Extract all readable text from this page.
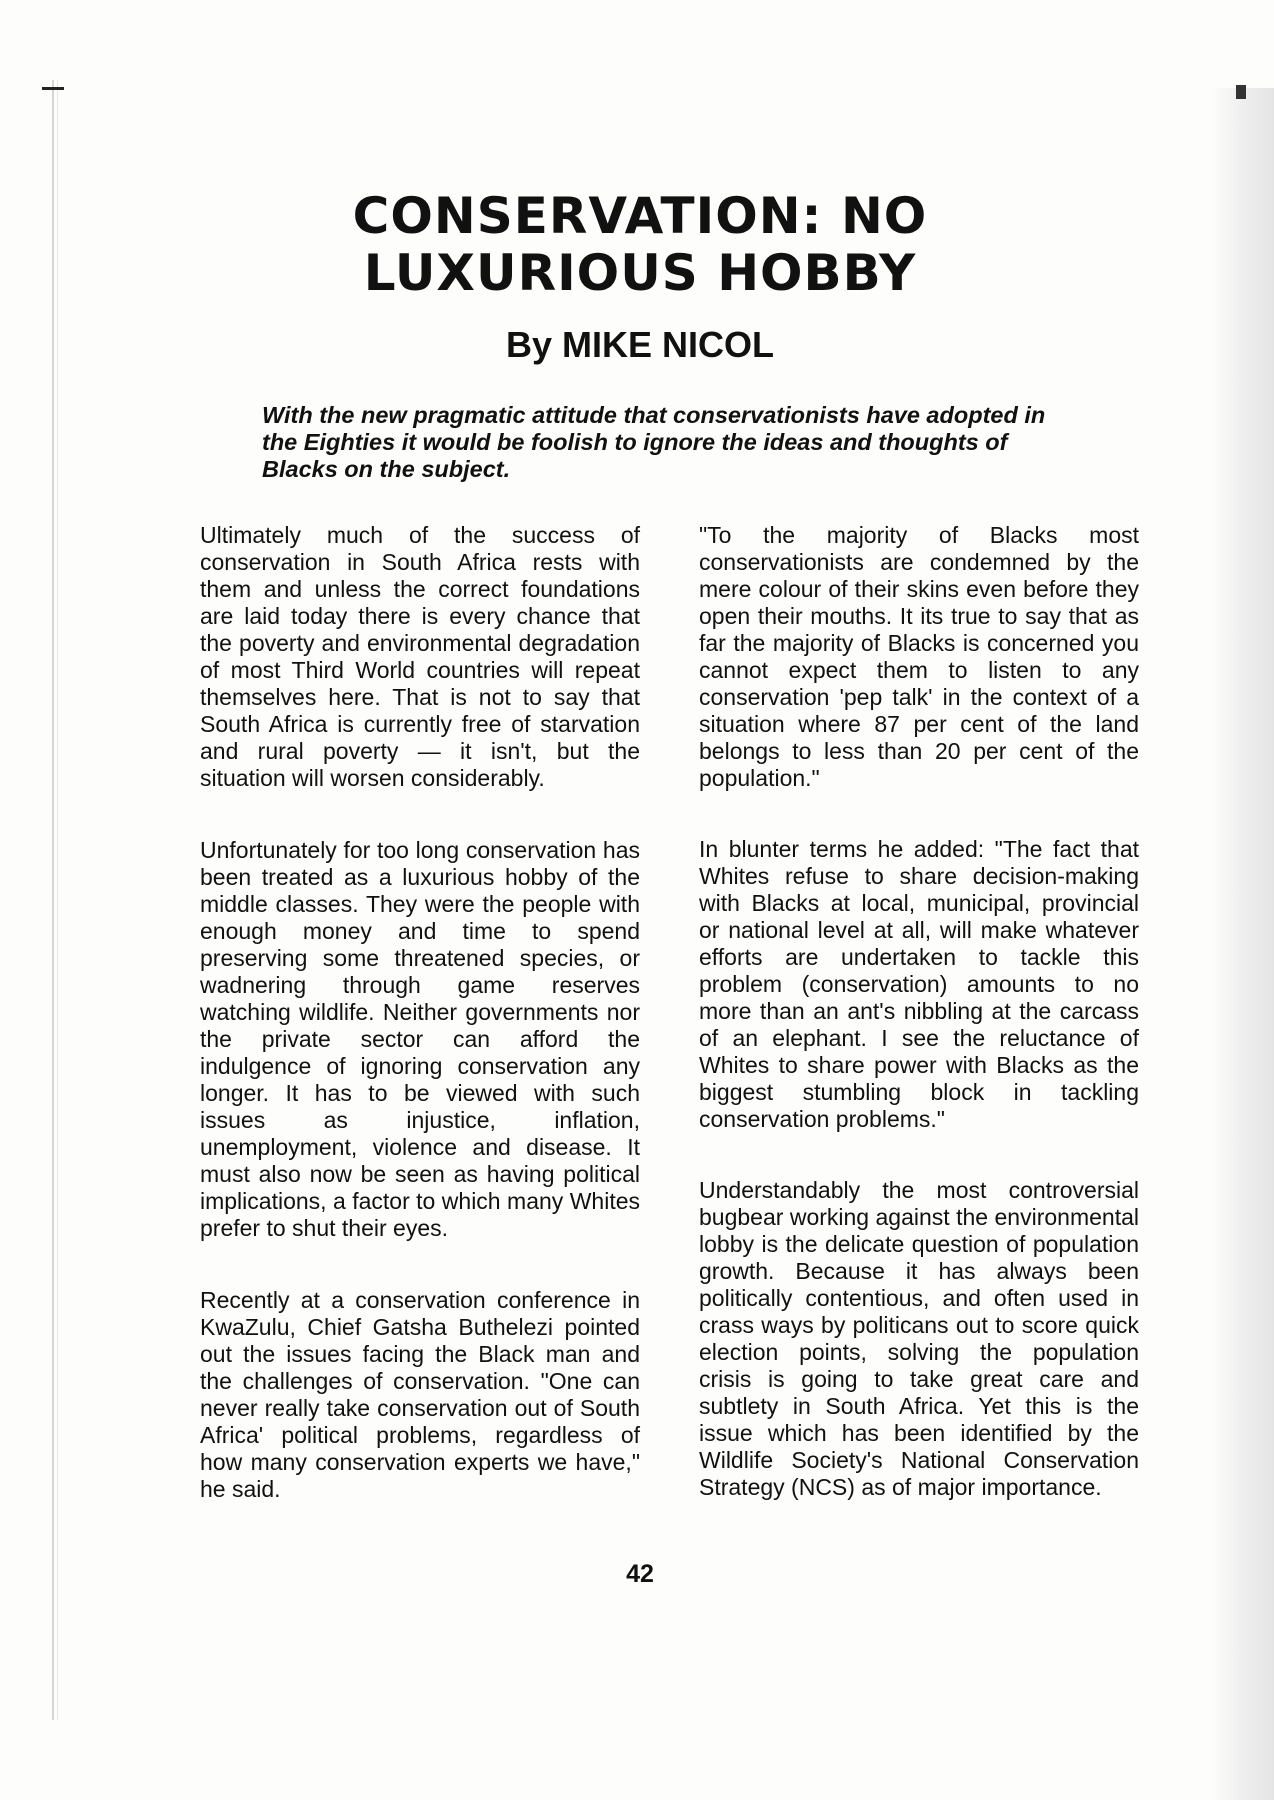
CONSERVATION: NO LUXURIOUS HOBBY
By MIKE NICOL

With the new pragmatic attitude that conservationists have adopted in the Eighties it would be foolish to ignore the ideas and thoughts of Blacks on the subject.

Ultimately much of the success of conservation in South Africa rests with them and unless the correct foundations are laid today there is every chance that the poverty and environmental degradation of most Third World countries will repeat themselves here. That is not to say that South Africa is currently free of starvation and rural poverty — it isn't, but the situation will worsen considerably.

Unfortunately for too long conservation has been treated as a luxurious hobby of the middle classes. They were the people with enough money and time to spend preserving some threatened species, or wadnering through game reserves watching wildlife. Neither governments nor the private sector can afford the indulgence of ignoring conservation any longer. It has to be viewed with such issues as injustice, inflation, unemployment, violence and disease. It must also now be seen as having political implications, a factor to which many Whites prefer to shut their eyes.

Recently at a conservation conference in KwaZulu, Chief Gatsha Buthelezi pointed out the issues facing the Black man and the challenges of conservation. "One can never really take conservation out of South Africa' political problems, regardless of how many conservation experts we have," he said.

"To the majority of Blacks most conservationists are condemned by the mere colour of their skins even before they open their mouths. It its true to say that as far the majority of Blacks is concerned you cannot expect them to listen to any conservation 'pep talk' in the context of a situation where 87 per cent of the land belongs to less than 20 per cent of the population."

In blunter terms he added: "The fact that Whites refuse to share decision-making with Blacks at local, municipal, provincial or national level at all, will make whatever efforts are undertaken to tackle this problem (conservation) amounts to no more than an ant's nibbling at the carcass of an elephant. I see the reluctance of Whites to share power with Blacks as the biggest stumbling block in tackling conservation problems."

Understandably the most controversial bugbear working against the environmental lobby is the delicate question of population growth. Because it has always been politically contentious, and often used in crass ways by politicans out to score quick election points, solving the population crisis is going to take great care and subtlety in South Africa. Yet this is the issue which has been identified by the Wildlife Society's National Conservation Strategy (NCS) as of major importance.

42
